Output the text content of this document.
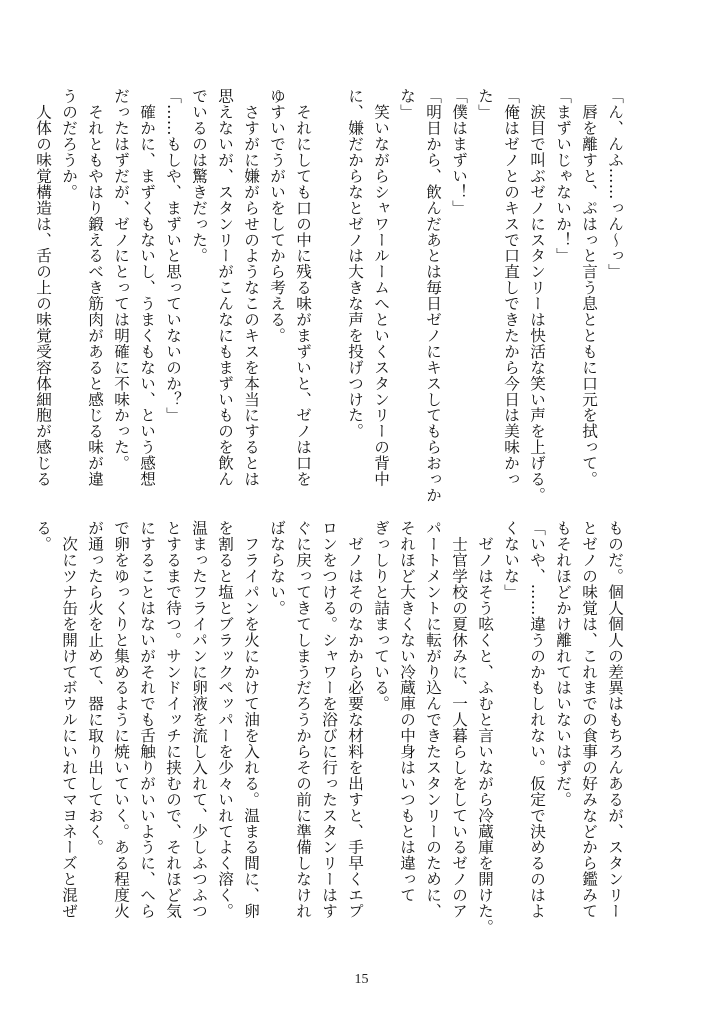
「ん、んふ……っん～っ」
　唇を離すと、ぷはっと言う息とともに口元を拭って。
「まずいじゃないか！」
　涙目で叫ぶゼノにスタンリーは快活な笑い声を上げる。
「俺はゼノとのキスで口直しできたから今日は美味かっ
た」
「僕はまずい！」
「明日から、飲んだあとは毎日ゼノにキスしてもらおっか
な」
　笑いながらシャワールームへといくスタンリーの背中
に、嫌だからなとゼノは大きな声を投げつけた。

　それにしても口の中に残る味がまずいと、ゼノは口を
ゆすいでうがいをしてから考える。
　さすがに嫌がらせのようなこのキスを本当にするとは
思えないが、スタンリーがこんなにもまずいものを飲ん
でいるのは驚きだった。
「……もしや、まずいと思っていないのか？」
　確かに、まずくもないし、うまくもない、という感想
だったはずだが、ゼノにとっては明確に不味かった。
　それともやはり鍛えるべき筋肉があると感じる味が違
うのだろうか。
　人体の味覚構造は、舌の上の味覚受容体細胞が感じる
ものだ。個人個人の差異はもちろんあるが、スタンリー
とゼノの味覚は、これまでの食事の好みなどから鑑みて
もそれほどかけ離れてはいないはずだ。
「いや、……違うのかもしれない。仮定で決めるのはよ
くないな」
　ゼノはそう呟くと、ふむと言いながら冷蔵庫を開けた。
　士官学校の夏休みに、一人暮らしをしているゼノのア
パートメントに転がり込んできたスタンリーのために、
それほど大きくない冷蔵庫の中身はいつもとは違って
ぎっしりと詰まっている。
　ゼノはそのなかから必要な材料を出すと、手早くエプ
ロンをつける。シャワーを浴びに行ったスタンリーはす
ぐに戻ってきてしまうだろうからその前に準備しなけれ
ばならない。
　フライパンを火にかけて油を入れる。温まる間に、卵
を割ると塩とブラックペッパーを少々いれてよく溶く。
温まったフライパンに卵液を流し入れて、少しふつふつ
とするまで待つ。サンドイッチに挟むので、それほど気
にすることはないがそれでも舌触りがいいように、へら
で卵をゆっくりと集めるように焼いていく。ある程度火
が通ったら火を止めて、器に取り出しておく。
　次にツナ缶を開けてボウルにいれてマヨネーズと混ぜ
る。
15
